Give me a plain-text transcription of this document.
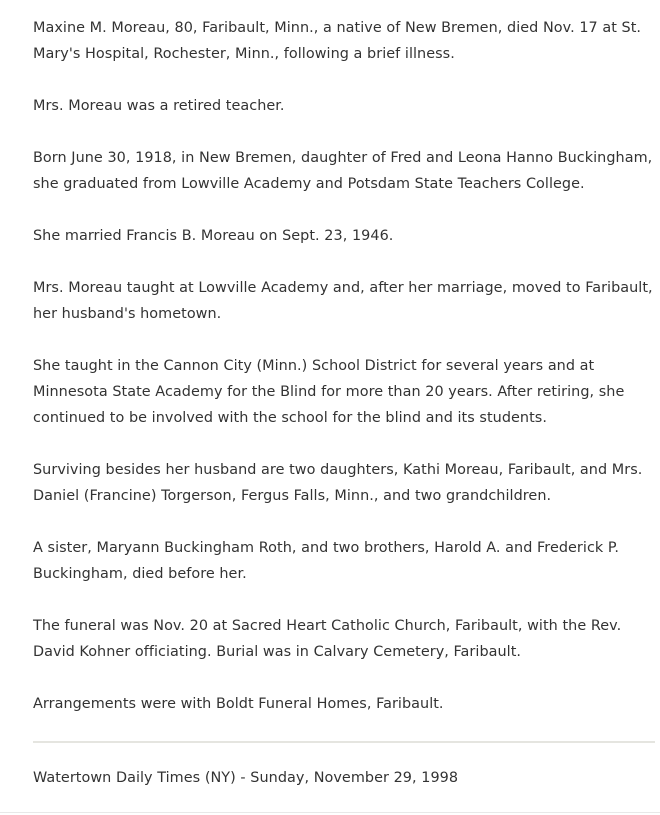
Maxine M. Moreau, 80, Faribault, Minn., a native of New Bremen, died Nov. 17 at St. Mary's Hospital, Rochester, Minn., following a brief illness.

Mrs. Moreau was a retired teacher.

Born June 30, 1918, in New Bremen, daughter of Fred and Leona Hanno Buckingham, she graduated from Lowville Academy and Potsdam State Teachers College.

She married Francis B. Moreau on Sept. 23, 1946.

Mrs. Moreau taught at Lowville Academy and, after her marriage, moved to Faribault, her husband's hometown.

She taught in the Cannon City (Minn.) School District for several years and at Minnesota State Academy for the Blind for more than 20 years. After retiring, she continued to be involved with the school for the blind and its students.

Surviving besides her husband are two daughters, Kathi Moreau, Faribault, and Mrs. Daniel (Francine) Torgerson, Fergus Falls, Minn., and two grandchildren.

A sister, Maryann Buckingham Roth, and two brothers, Harold A. and Frederick P. Buckingham, died before her.

The funeral was Nov. 20 at Sacred Heart Catholic Church, Faribault, with the Rev. David Kohner officiating. Burial was in Calvary Cemetery, Faribault.

Arrangements were with Boldt Funeral Homes, Faribault.

Watertown Daily Times (NY) - Sunday, November 29, 1998
